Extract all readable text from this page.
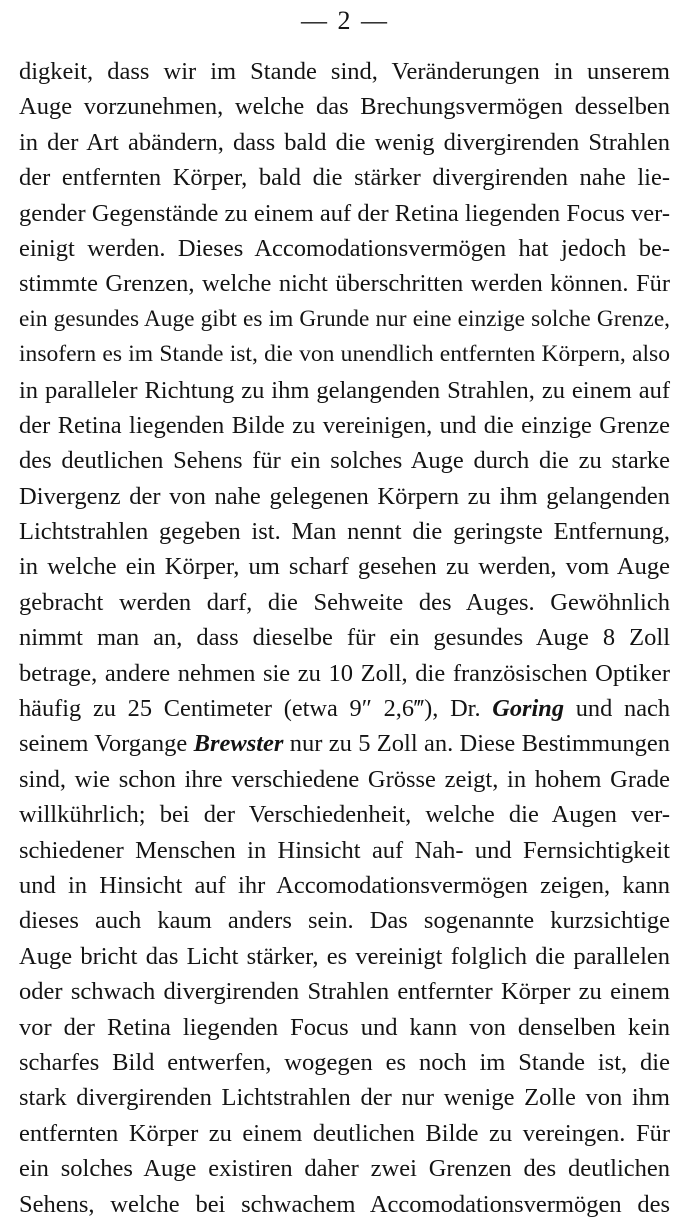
— 2 —
digkeit, dass wir im Stande sind, Veränderungen in unserem
Auge vorzunehmen, welche das Brechungsvermögen desselben
in der Art abändern, dass bald die wenig divergirenden Strahlen
der entfernten Körper, bald die stärker divergirenden nahe lie-
gender Gegenstände zu einem auf der Retina liegenden Focus ver-
einigt werden. Dieses Accomodationsvermögen hat jedoch be-
stimmte Grenzen, welche nicht überschritten werden können. Für
ein gesundes Auge gibt es im Grunde nur eine einzige solche Grenze,
insofern es im Stande ist, die von unendlich entfernten Körpern, also
in paralleler Richtung zu ihm gelangenden Strahlen, zu einem auf
der Retina liegenden Bilde zu vereinigen, und die einzige Grenze
des deutlichen Sehens für ein solches Auge durch die zu starke
Divergenz der von nahe gelegenen Körpern zu ihm gelangenden
Lichtstrahlen gegeben ist. Man nennt die geringste Entfernung,
in welche ein Körper, um scharf gesehen zu werden, vom Auge
gebracht werden darf, die Sehweite des Auges. Gewöhnlich
nimmt man an, dass dieselbe für ein gesundes Auge 8 Zoll
betrage, andere nehmen sie zu 10 Zoll, die französischen Optiker
häufig zu 25 Centimeter (etwa 9″ 2,6‴), Dr. Goring und nach
seinem Vorgange Brewster nur zu 5 Zoll an. Diese Bestimmungen
sind, wie schon ihre verschiedene Grösse zeigt, in hohem Grade
willkührlich; bei der Verschiedenheit, welche die Augen ver-
schiedener Menschen in Hinsicht auf Nah- und Fernsichtigkeit
und in Hinsicht auf ihr Accomodationsvermögen zeigen, kann
dieses auch kaum anders sein. Das sogenannte kurzsichtige
Auge bricht das Licht stärker, es vereinigt folglich die parallelen
oder schwach divergirenden Strahlen entfernter Körper zu einem
vor der Retina liegenden Focus und kann von denselben kein
scharfes Bild entwerfen, wogegen es noch im Stande ist, die
stark divergirenden Lichtstrahlen der nur wenige Zolle von ihm
entfernten Körper zu einem deutlichen Bilde zu vereingen. Für
ein solches Auge existiren daher zwei Grenzen des deutlichen
Sehens, welche bei schwachem Accomodationsvermögen des
